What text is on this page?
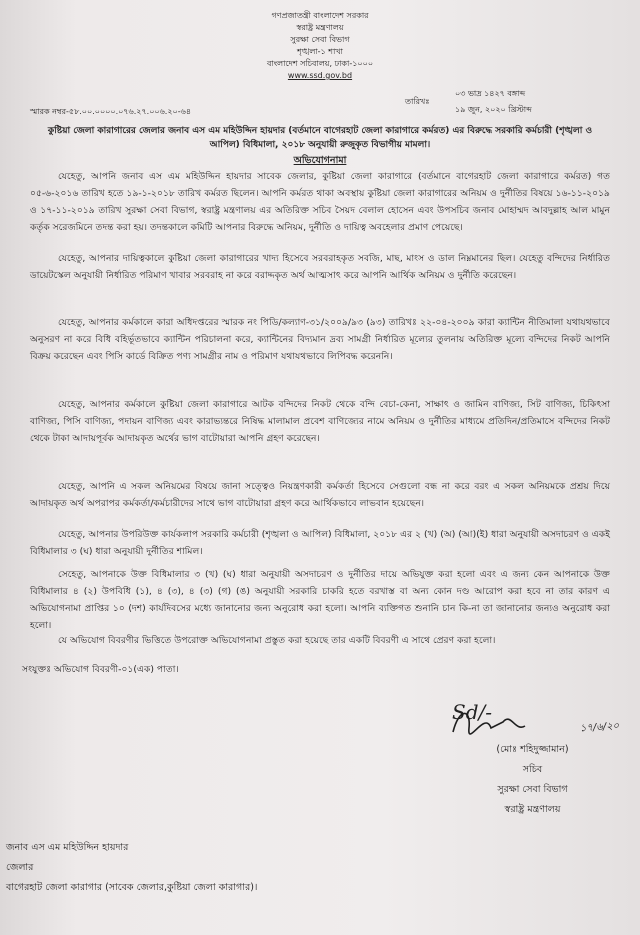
গণপ্রজাতন্ত্রী বাংলাদেশ সরকার
স্বরাষ্ট্র মন্ত্রণালয়
সুরক্ষা সেবা বিভাগ
শৃঙ্খলা-১ শাখা
বাংলাদেশ সচিবালয়, ঢাকা-১০০০
www.ssd.gov.bd
০৩ ভাদ্র ১৪২৭ বঙ্গাব্দ
১৯ জুন, ২০২০ খ্রিস্টাব্দ
তারিখঃ
স্মারক নম্বর-৫৮.০০.০০০০.০৭৬.২৭.০০৬.২০-৬৪
কুষ্টিয়া জেলা কারাগারের জেলার জনাব এস এম মহিউদ্দিন হায়দার (বর্তমানে বাগেরহাট জেলা কারাগারে কর্মরত) এর বিরুদ্ধে সরকারি কর্মচারী (শৃঙ্খলা ও আপিল) বিধিমালা, ২০১৮ অনুযায়ী রুজুকৃত বিভাগীয় মামলা।
অভিযোগনামা
যেহেতু, আপনি জনাব এস এম মহিউদ্দিন হায়দার সাবেক জেলার, কুষ্টিয়া জেলা কারাগারে (বর্তমানে বাগেরহাট জেলা কারাগারে কর্মরত) গত ০৫-৬-২০১৬ তারিখ হতে ১৯-১-২০১৮ তারিখ কর্মরত ছিলেন। আপনি কর্মরত থাকা অবস্থায় কুষ্টিয়া জেলা কারাগারের অনিয়ম ও দুর্নীতির বিষয়ে ১৬-১১-২০১৯ ও ১৭-১১-২০১৯ তারিখ সুরক্ষা সেবা বিভাগ, স্বরাষ্ট্র মন্ত্রণালয় এর অতিরিক্ত সচিব সৈয়দ বেলাল হোসেন এবং উপসচিব জনাব মোহাম্মদ আবদুল্লাহ আল মামুন কর্তৃক সরেজমিনে তদন্ত করা হয়। তদন্তকালে কমিটি আপনার বিরুদ্ধে অনিয়ম, দুর্নীতি ও দায়িত্ব অবহেলার প্রমাণ পেয়েছে।
যেহেতু, আপনার দায়িত্বকালে কুষ্টিয়া জেলা কারাগারের খাদ্য হিসেবে সরবরাহকৃত সবজি, মাছ, মাংস ও ডাল নিম্নমানের ছিল। যেহেতু বন্দিদের নির্ধারিত ডায়েটস্কেল অনুযায়ী নির্ধারিত পরিমাণ খাবার সরবরাহ না করে বরাদ্দকৃত অর্থ আত্মসাৎ করে আপনি আর্থিক অনিয়ম ও দুর্নীতি করেছেন।
যেহেতু, আপনার কর্মকালে কারা অধিদপ্তরের স্মারক নং পিডি/কল্যাণ-৩১/২০০৯/৯৩ (৯৩) তারিখঃ ২২-০৪-২০০৯ কারা ক্যান্টিন নীতিমালা যথাযথভাবে অনুসরণ না করে বিধি বহির্ভূতভাবে ক্যান্টিন পরিচালনা করে, ক্যান্টিনের বিদ্যমান দ্রব্য সামগ্রী নির্ধারিত মূল্যের তুলনায় অতিরিক্ত মূল্যে বন্দিদের নিকট আপনি বিক্রয় করেছেন এবং পিসি কার্ডে বিক্রিত পণ্য সামগ্রীর নাম ও পরিমাণ যথাযথভাবে লিপিবদ্ধ করেননি।
যেহেতু, আপনার কর্মকালে কুষ্টিয়া জেলা কারাগারে আটক বন্দিদের নিকট থেকে বন্দি বেচা-কেনা, সাক্ষাৎ ও জামিন বাণিজ্য, সিট বাণিজ্য, চিকিৎসা বাণিজ্য, পিসি বাণিজ্য, পদায়ন বাণিজ্য এবং কারাভ্যন্তরে নিষিদ্ধ মালামাল প্রবেশ বাণিজ্যের নামে অনিয়ম ও দুর্নীতির মাধ্যমে প্রতিদিন/প্রতিমাসে বন্দিদের নিকট থেকে টাকা আদায়পূর্বক আদায়কৃত অর্থের ভাগ বাটোয়ারা আপনি গ্রহণ করেছেন।
যেহেতু, আপনি এ সকল অনিয়মের বিষয়ে জানা সত্ত্বেও নিয়ন্ত্রণকারী কর্মকর্তা হিসেবে সেগুলো বন্ধ না করে বরং এ সকল অনিয়মকে প্রশ্রয় দিয়ে আদায়কৃত অর্থ অপরাপর কর্মকর্তা/কর্মচারীদের সাথে ভাগ বাটোয়ারা গ্রহণ করে আর্থিকভাবে লাভবান হয়েছেন।
যেহেতু, আপনার উপরিউক্ত কার্যকলাপ সরকারি কর্মচারী (শৃঙ্খলা ও আপিল) বিধিমালা, ২০১৮ এর ২ (খ) (অ) (আ)(ই) ধারা অনুযায়ী অসদাচরণ ও একই বিধিমালার ৩ (ঘ) ধারা অনুযায়ী দুর্নীতির শামিল।
সেহেতু, আপনাকে উক্ত বিধিমালার ৩ (খ) (ঘ) ধারা অনুযায়ী অসদাচরণ ও দুর্নীতির দায়ে অভিযুক্ত করা হলো এবং এ জন্য কেন আপনাকে উক্ত বিধিমালার ৪ (২) উপবিধি (১), ৪ (৩), ৪ (৩) (গ) (ঙ) অনুযায়ী সরকারি চাকরি হতে বরখাস্ত বা অন্য কোন দণ্ড আরোপ করা হবে না তার কারণ এ অভিযোগনামা প্রাপ্তির ১০ (দশ) কার্যদিবসের মধ্যে জানানোর জন্য অনুরোধ করা হলো। আপনি ব্যক্তিগত শুনানি চান কি-না তা জানানোর জন্যও অনুরোধ করা হলো।
যে অভিযোগ বিবরণীর ভিত্তিতে উপরোক্ত অভিযোগনামা প্রস্তুত করা হয়েছে তার একটি বিবরণী এ সাথে প্রেরণ করা হলো।
সংযুক্তঃ অভিযোগ বিবরণী-০১(এক) পাতা।
Sd/-
১৭/৬/২০
(মোঃ শহিদুজ্জামান)
সচিব
সুরক্ষা সেবা বিভাগ
স্বরাষ্ট্র মন্ত্রণালয়
জনাব এস এম মহিউদ্দিন হায়দার
জেলার
বাগেরহাট জেলা কারাগার (সাবেক জেলার,কুষ্টিয়া জেলা কারাগার)।
